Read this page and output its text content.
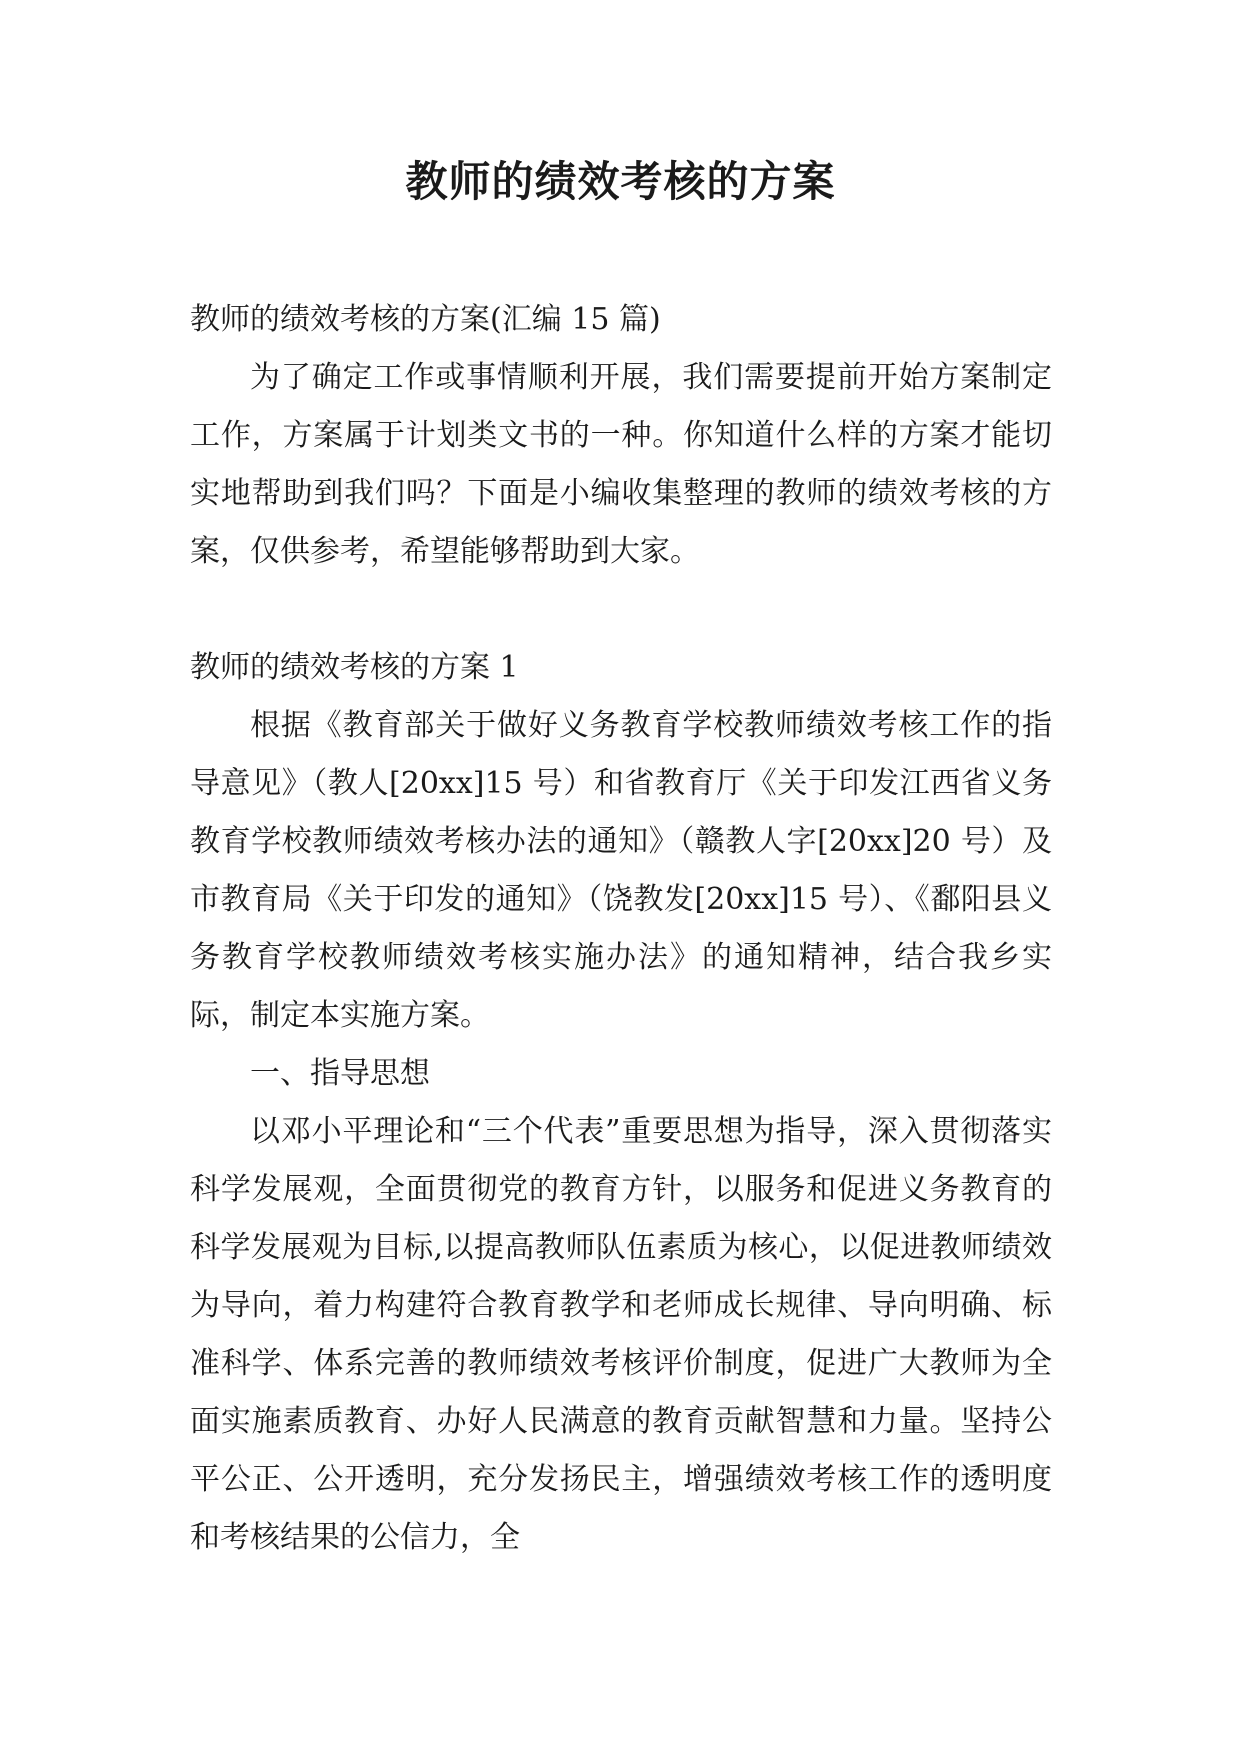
教师的绩效考核的方案

教师的绩效考核的方案(汇编 15 篇)

为了确定工作或事情顺利开展，我们需要提前开始方案制定工作，方案属于计划类文书的一种。你知道什么样的方案才能切实地帮助到我们吗？下面是小编收集整理的教师的绩效考核的方案，仅供参考，希望能够帮助到大家。

教师的绩效考核的方案 1

根据《教育部关于做好义务教育学校教师绩效考核工作的指导意见》（教人[20xx]15 号）和省教育厅《关于印发江西省义务教育学校教师绩效考核办法的通知》（赣教人字[20xx]20 号）及市教育局《关于印发的通知》（饶教发[20xx]15 号）、《鄱阳县义务教育学校教师绩效考核实施办法》的通知精神，结合我乡实际，制定本实施方案。

一、指导思想

以邓小平理论和“三个代表”重要思想为指导，深入贯彻落实科学发展观，全面贯彻党的教育方针，以服务和促进义务教育的科学发展观为目标,以提高教师队伍素质为核心，以促进教师绩效为导向，着力构建符合教育教学和老师成长规律、导向明确、标准科学、体系完善的教师绩效考核评价制度，促进广大教师为全面实施素质教育、办好人民满意的教育贡献智慧和力量。坚持公平公正、公开透明，充分发扬民主，增强绩效考核工作的透明度和考核结果的公信力，全
